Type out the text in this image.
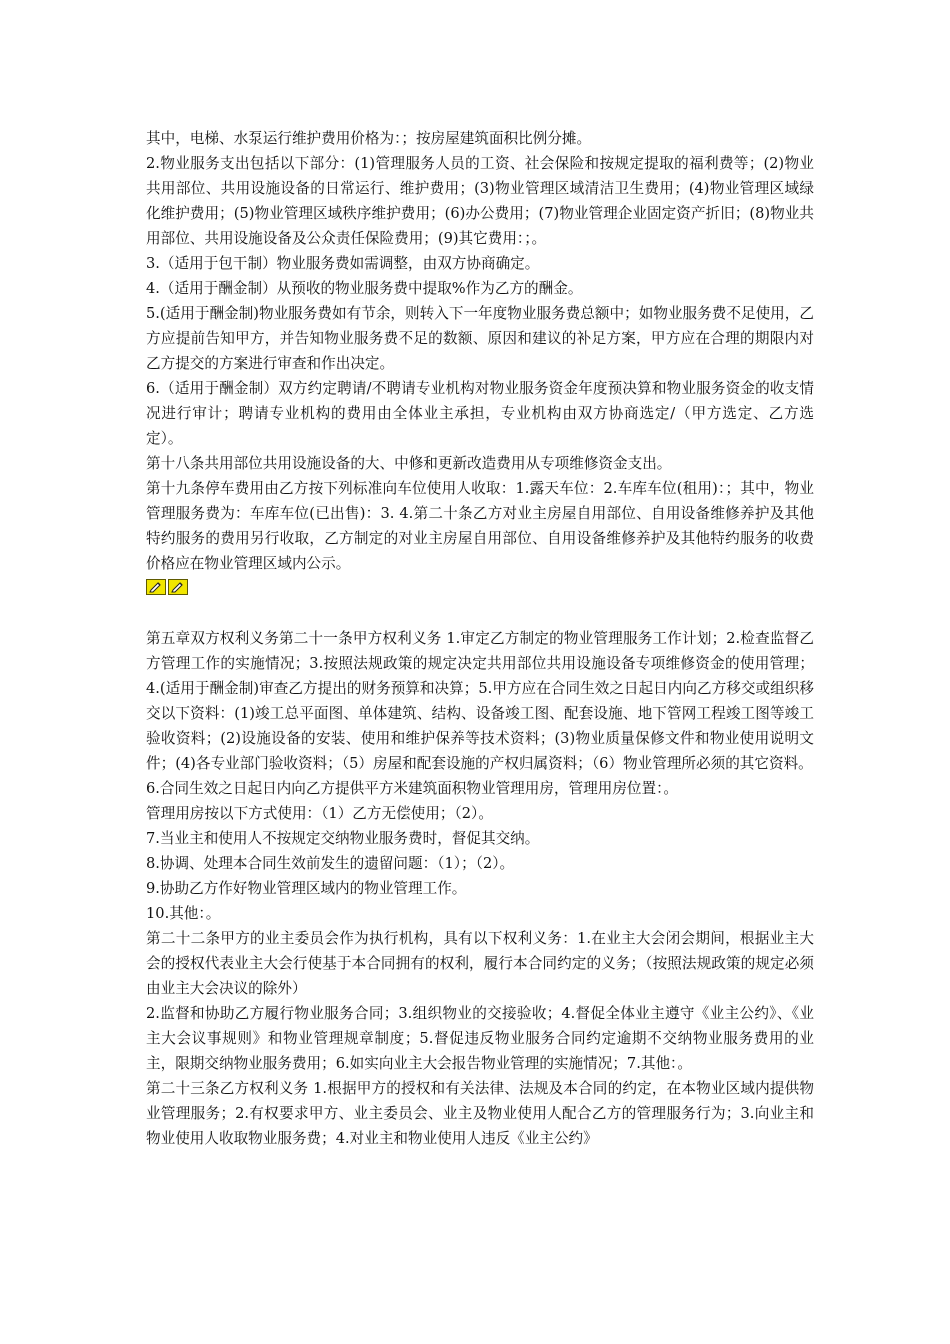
其中，电梯、水泵运行维护费用价格为：；按房屋建筑面积比例分摊。

2.物业服务支出包括以下部分：(1)管理服务人员的工资、社会保险和按规定提取的福利费等；(2)物业共用部位、共用设施设备的日常运行、维护费用；(3)物业管理区域清洁卫生费用；(4)物业管理区域绿化维护费用；(5)物业管理区域秩序维护费用；(6)办公费用；(7)物业管理企业固定资产折旧；(8)物业共用部位、共用设施设备及公众责任保险费用；(9)其它费用：；。

3.（适用于包干制）物业服务费如需调整，由双方协商确定。

4.（适用于酬金制）从预收的物业服务费中提取%作为乙方的酬金。

5.(适用于酬金制)物业服务费如有节余，则转入下一年度物业服务费总额中；如物业服务费不足使用，乙方应提前告知甲方，并告知物业服务费不足的数额、原因和建议的补足方案，甲方应在合理的期限内对乙方提交的方案进行审查和作出决定。

6.（适用于酬金制）双方约定聘请/不聘请专业机构对物业服务资金年度预决算和物业服务资金的收支情况进行审计；聘请专业机构的费用由全体业主承担，专业机构由双方协商选定/（甲方选定、乙方选定）。

第十八条共用部位共用设施设备的大、中修和更新改造费用从专项维修资金支出。

第十九条停车费用由乙方按下列标准向车位使用人收取：1.露天车位：2.车库车位(租用)：；其中，物业管理服务费为：车库车位(已出售)：3. 4.第二十条乙方对业主房屋自用部位、自用设备维修养护及其他特约服务的费用另行收取，乙方制定的对业主房屋自用部位、自用设备维修养护及其他特约服务的收费价格应在物业管理区域内公示。

第五章双方权利义务第二十一条甲方权利义务 1.审定乙方制定的物业管理服务工作计划；2.检查监督乙方管理工作的实施情况；3.按照法规政策的规定决定共用部位共用设施设备专项维修资金的使用管理；4.(适用于酬金制)审查乙方提出的财务预算和决算；5.甲方应在合同生效之日起日内向乙方移交或组织移交以下资料：(1)竣工总平面图、单体建筑、结构、设备竣工图、配套设施、地下管网工程竣工图等竣工验收资料；(2)设施设备的安装、使用和维护保养等技术资料；(3)物业质量保修文件和物业使用说明文件；(4)各专业部门验收资料；（5）房屋和配套设施的产权归属资料；（6）物业管理所必须的其它资料。

6.合同生效之日起日内向乙方提供平方米建筑面积物业管理用房，管理用房位置：。

管理用房按以下方式使用：（1）乙方无偿使用；（2）。

7.当业主和使用人不按规定交纳物业服务费时，督促其交纳。

8.协调、处理本合同生效前发生的遗留问题：（1）；（2）。

9.协助乙方作好物业管理区域内的物业管理工作。

10.其他：。

第二十二条甲方的业主委员会作为执行机构，具有以下权利义务：1.在业主大会闭会期间，根据业主大会的授权代表业主大会行使基于本合同拥有的权利，履行本合同约定的义务；（按照法规政策的规定必须由业主大会决议的除外）

2.监督和协助乙方履行物业服务合同；3.组织物业的交接验收；4.督促全体业主遵守《业主公约》、《业主大会议事规则》和物业管理规章制度；5.督促违反物业服务合同约定逾期不交纳物业服务费用的业主，限期交纳物业服务费用；6.如实向业主大会报告物业管理的实施情况；7.其他：。

第二十三条乙方权利义务 1.根据甲方的授权和有关法律、法规及本合同的约定，在本物业区域内提供物业管理服务；2.有权要求甲方、业主委员会、业主及物业使用人配合乙方的管理服务行为；3.向业主和物业使用人收取物业服务费；4.对业主和物业使用人违反《业主公约》
